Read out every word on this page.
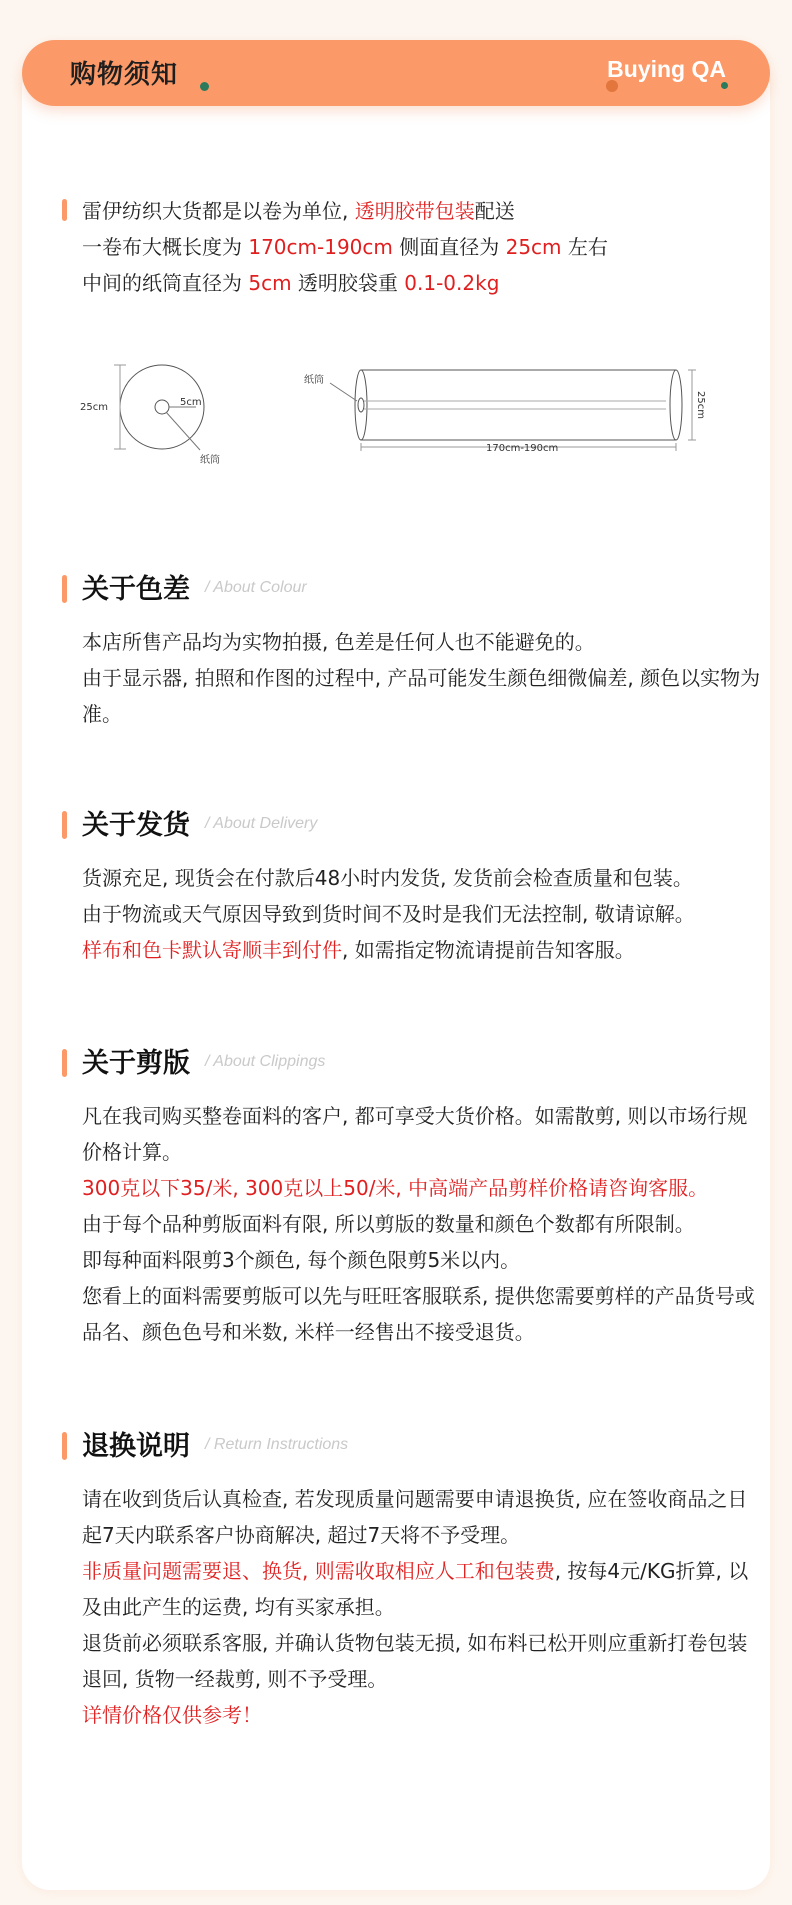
购物须知	Buying QA
雷伊纺织大货都是以卷为单位, 透明胶带包装配送
一卷布大概长度为 170cm-190cm 侧面直径为 25cm 左右
中间的纸筒直径为 5cm 透明胶袋重 0.1-0.2kg
25cm	5cm
纸筒
纸筒
170cm-190cm
25cm
关于色差 / About Colour
本店所售产品均为实物拍摄, 色差是任何人也不能避免的。
由于显示器, 拍照和作图的过程中, 产品可能发生颜色细微偏差, 颜色以实物为准。
关于发货 / About Delivery
货源充足, 现货会在付款后48小时内发货, 发货前会检查质量和包装。
由于物流或天气原因导致到货时间不及时是我们无法控制, 敬请谅解。
样布和色卡默认寄顺丰到付件, 如需指定物流请提前告知客服。
关于剪版 / About Clippings
凡在我司购买整卷面料的客户, 都可享受大货价格。如需散剪, 则以市场行规价格计算。
300克以下35/米, 300克以上50/米, 中高端产品剪样价格请咨询客服。
由于每个品种剪版面料有限, 所以剪版的数量和颜色个数都有所限制。
即每种面料限剪3个颜色, 每个颜色限剪5米以内。
您看上的面料需要剪版可以先与旺旺客服联系, 提供您需要剪样的产品货号或品名、颜色色号和米数, 米样一经售出不接受退货。
退换说明 / Return Instructions
请在收到货后认真检查, 若发现质量问题需要申请退换货, 应在签收商品之日起7天内联系客户协商解决, 超过7天将不予受理。
非质量问题需要退、换货, 则需收取相应人工和包装费, 按每4元/KG折算, 以及由此产生的运费, 均有买家承担。
退货前必须联系客服, 并确认货物包装无损, 如布料已松开则应重新打卷包装退回, 货物一经裁剪, 则不予受理。
详情价格仅供参考！
